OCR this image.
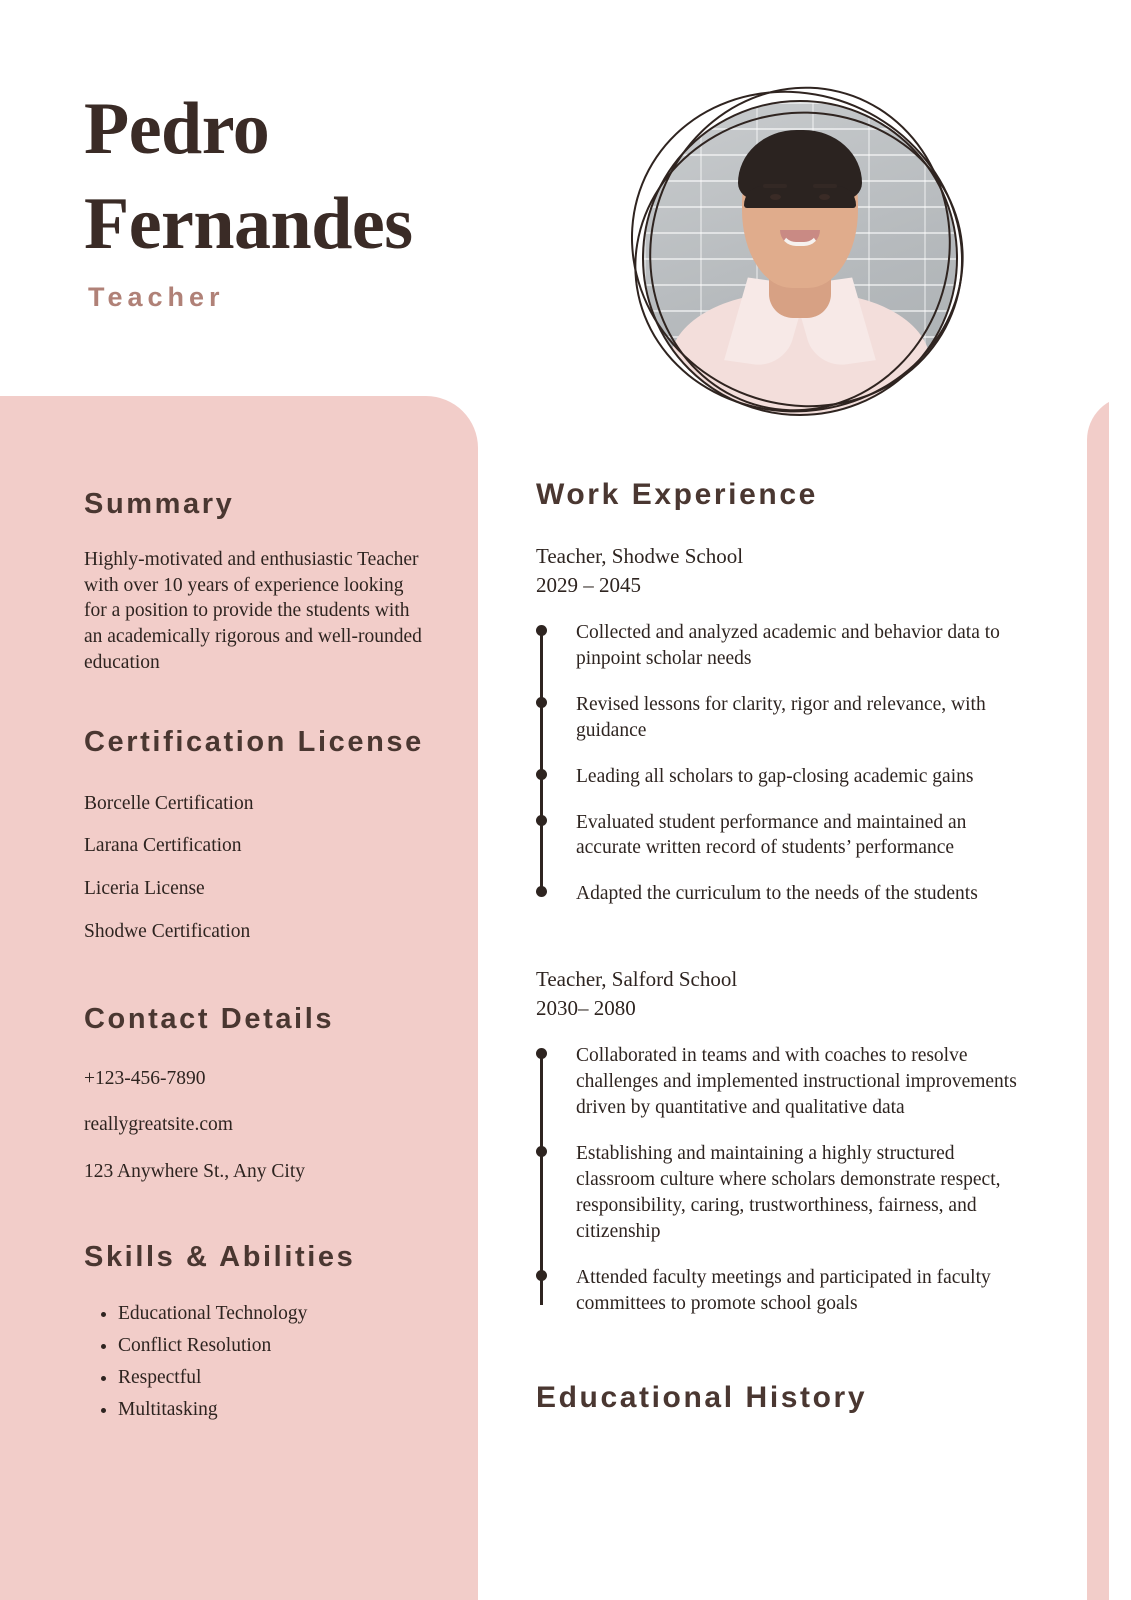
Pedro
Fernandes
Teacher
Summary
Highly-motivated and enthusiastic Teacher with over 10 years of experience looking for a position to provide the students with an academically rigorous and well-rounded education
Certification License
Borcelle Certification
Larana Certification
Liceria License
Shodwe Certification
Contact Details
+123-456-7890
reallygreatsite.com
123 Anywhere St., Any City
Skills & Abilities
• Educational Technology
• Conflict Resolution
• Respectful
• Multitasking
Work Experience
Teacher, Shodwe School
2029 – 2045

Collected and analyzed academic and behavior data to pinpoint scholar needs

Revised lessons for clarity, rigor and relevance, with guidance

Leading all scholars to gap-closing academic gains

Evaluated student performance and maintained an accurate written record of students’ performance

Adapted the curriculum to the needs of the students

Teacher, Salford School
2030– 2080

Collaborated in teams and with coaches to resolve challenges and implemented instructional improvements driven by quantitative and qualitative data

Establishing and maintaining a highly structured classroom culture where scholars demonstrate respect, responsibility, caring, trustworthiness, fairness, and citizenship

Attended faculty meetings and participated in faculty committees to promote school goals

Educational History
